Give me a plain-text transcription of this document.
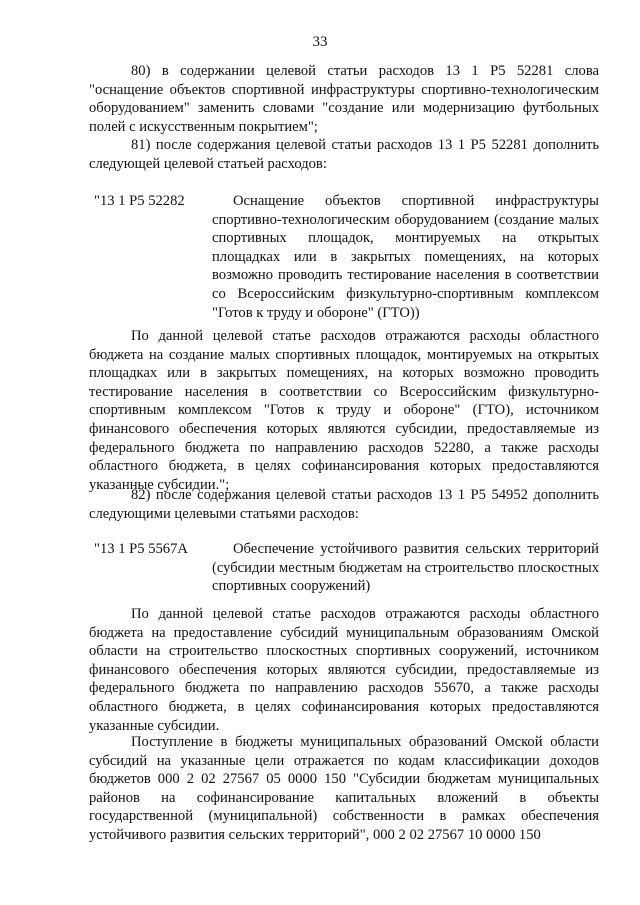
33

80) в содержании целевой статьи расходов 13 1 Р5 52281 слова "оснащение объектов спортивной инфраструктуры спортивно-технологическим оборудованием" заменить словами "создание или модернизацию футбольных полей с искусственным покрытием";

81) после содержания целевой статьи расходов 13 1 Р5 52281 дополнить следующей целевой статьей расходов:

"13 1 Р5 52282	Оснащение объектов спортивной инфраструктуры спортивно-технологическим оборудованием (создание малых спортивных площадок, монтируемых на открытых площадках или в закрытых помещениях, на которых возможно проводить тестирование населения в соответствии со Всероссийским физкультурно-спортивным комплексом "Готов к труду и обороне" (ГТО))

По данной целевой статье расходов отражаются расходы областного бюджета на создание малых спортивных площадок, монтируемых на открытых площадках или в закрытых помещениях, на которых возможно проводить тестирование населения в соответствии со Всероссийским физкультурно-спортивным комплексом "Готов к труду и обороне" (ГТО), источником финансового обеспечения которых являются субсидии, предоставляемые из федерального бюджета по направлению расходов 52280, а также расходы областного бюджета, в целях софинансирования которых предоставляются указанные субсидии.";

82) после содержания целевой статьи расходов 13 1 Р5 54952 дополнить следующими целевыми статьями расходов:

"13 1 Р5 5567А	Обеспечение устойчивого развития сельских территорий (субсидии местным бюджетам на строительство плоскостных спортивных сооружений)

По данной целевой статье расходов отражаются расходы областного бюджета на предоставление субсидий муниципальным образованиям Омской области на строительство плоскостных спортивных сооружений, источником финансового обеспечения которых являются субсидии, предоставляемые из федерального бюджета по направлению расходов 55670, а также расходы областного бюджета, в целях софинансирования которых предоставляются указанные субсидии.

Поступление в бюджеты муниципальных образований Омской области субсидий на указанные цели отражается по кодам классификации доходов бюджетов 000 2 02 27567 05 0000 150 "Субсидии бюджетам муниципальных районов на софинансирование капитальных вложений в объекты государственной (муниципальной) собственности в рамках обеспечения устойчивого развития сельских территорий", 000 2 02 27567 10 0000 150
